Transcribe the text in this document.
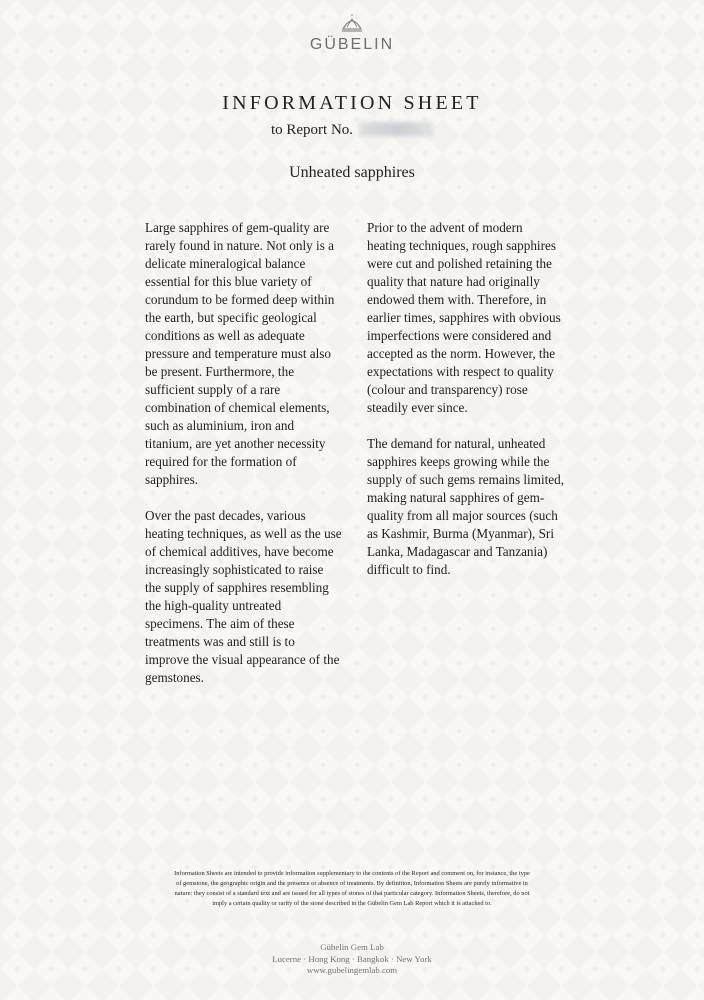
GÜBELIN
INFORMATION SHEET
to Report No.
Unheated sapphires

Large sapphires of gem-quality are
rarely found in nature. Not only is a
delicate mineralogical balance
essential for this blue variety of
corundum to be formed deep within
the earth, but specific geological
conditions as well as adequate
pressure and temperature must also
be present. Furthermore, the
sufficient supply of a rare
combination of chemical elements,
such as aluminium, iron and
titanium, are yet another necessity
required for the formation of
sapphires.

Over the past decades, various
heating techniques, as well as the use
of chemical additives, have become
increasingly sophisticated to raise
the supply of sapphires resembling
the high-quality untreated
specimens. The aim of these
treatments was and still is to
improve the visual appearance of the
gemstones.

Prior to the advent of modern
heating techniques, rough sapphires
were cut and polished retaining the
quality that nature had originally
endowed them with. Therefore, in
earlier times, sapphires with obvious
imperfections were considered and
accepted as the norm. However, the
expectations with respect to quality
(colour and transparency) rose
steadily ever since.

The demand for natural, unheated
sapphires keeps growing while the
supply of such gems remains limited,
making natural sapphires of gem-
quality from all major sources (such
as Kashmir, Burma (Myanmar), Sri
Lanka, Madagascar and Tanzania)
difficult to find.

Information Sheets are intended to provide information supplementary to the contents of the Report and comment on, for instance, the type
of gemstone, the geographic origin and the presence or absence of treatments. By definition, Information Sheets are purely informative in
nature: they consist of a standard text and are issued for all types of stones of that particular category. Information Sheets, therefore, do not
imply a certain quality or rarity of the stone described in the Gübelin Gem Lab Report which it is attached to.
Gübelin Gem Lab
Lucerne · Hong Kong · Bangkok · New York
www.gubelingemlab.com
